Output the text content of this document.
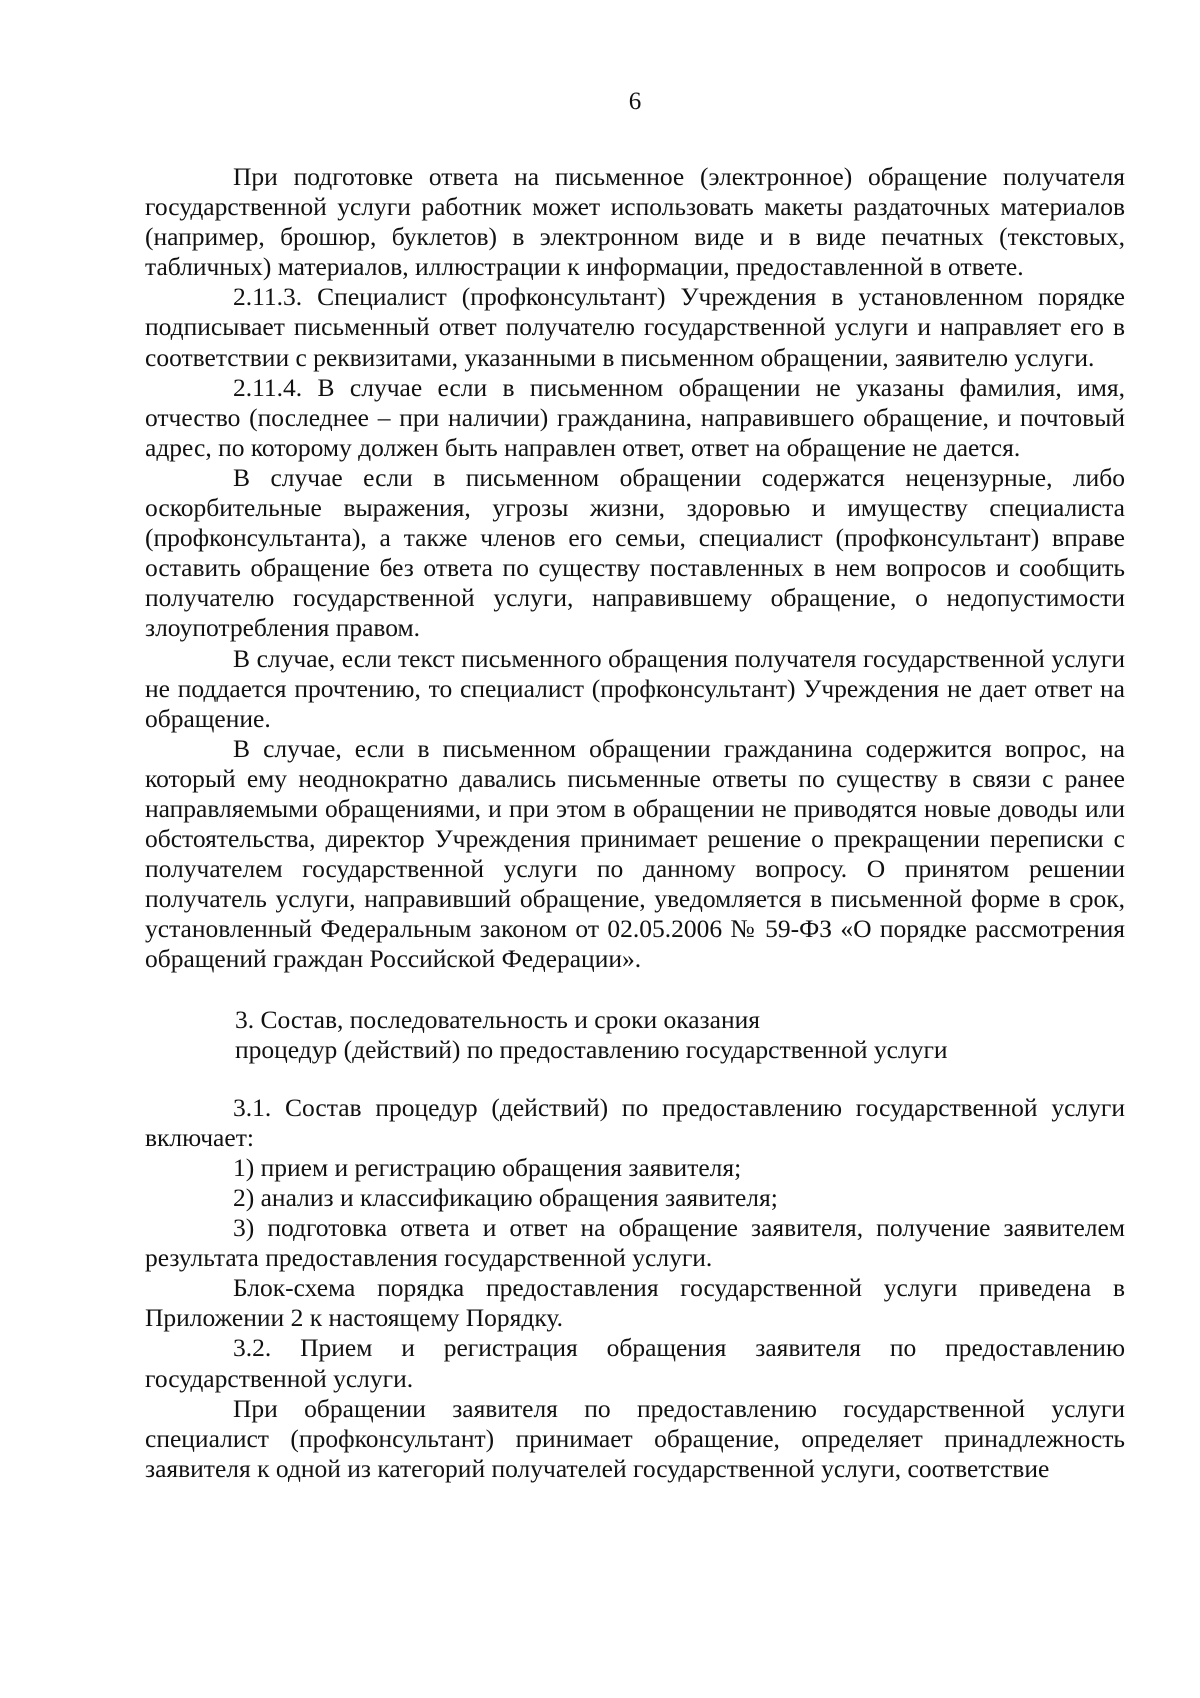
6

При подготовке ответа на письменное (электронное) обращение получателя государственной услуги работник может использовать макеты раздаточных материалов (например, брошюр, буклетов) в электронном виде и в виде печатных (текстовых, табличных) материалов, иллюстрации к информации, предоставленной в ответе.

2.11.3. Специалист (профконсультант) Учреждения в установленном порядке подписывает письменный ответ получателю государственной услуги и направляет его в соответствии с реквизитами, указанными в письменном обращении, заявителю услуги.

2.11.4. В случае если в письменном обращении не указаны фамилия, имя, отчество (последнее – при наличии) гражданина, направившего обращение, и почтовый адрес, по которому должен быть направлен ответ, ответ на обращение не дается.

В случае если в письменном обращении содержатся нецензурные, либо оскорбительные выражения, угрозы жизни, здоровью и имуществу специалиста (профконсультанта), а также членов его семьи, специалист (профконсультант) вправе оставить обращение без ответа по существу поставленных в нем вопросов и сообщить получателю государственной услуги, направившему обращение, о недопустимости злоупотребления правом.

В случае, если текст письменного обращения получателя государственной услуги не поддается прочтению, то специалист (профконсультант) Учреждения не дает ответ на обращение.

В случае, если в письменном обращении гражданина содержится вопрос, на который ему неоднократно давались письменные ответы по существу в связи с ранее направляемыми обращениями, и при этом в обращении не приводятся новые доводы или обстоятельства, директор Учреждения принимает решение о прекращении переписки с получателем государственной услуги по данному вопросу. О принятом решении получатель услуги, направивший обращение, уведомляется в письменной форме в срок, установленный Федеральным законом от 02.05.2006 № 59-ФЗ «О порядке рассмотрения обращений граждан Российской Федерации».

3. Состав, последовательность и сроки оказания

процедур (действий) по предоставлению государственной услуги

3.1. Состав процедур (действий) по предоставлению государственной услуги включает:

1) прием и регистрацию обращения заявителя;

2) анализ и классификацию обращения заявителя;

3) подготовка ответа и ответ на обращение заявителя, получение заявителем результата предоставления государственной услуги.

Блок-схема порядка предоставления государственной услуги приведена в Приложении 2 к настоящему Порядку.

3.2. Прием и регистрация обращения заявителя по предоставлению государственной услуги.

При обращении заявителя по предоставлению государственной услуги специалист (профконсультант) принимает обращение, определяет принадлежность заявителя к одной из категорий получателей государственной услуги, соответствие
